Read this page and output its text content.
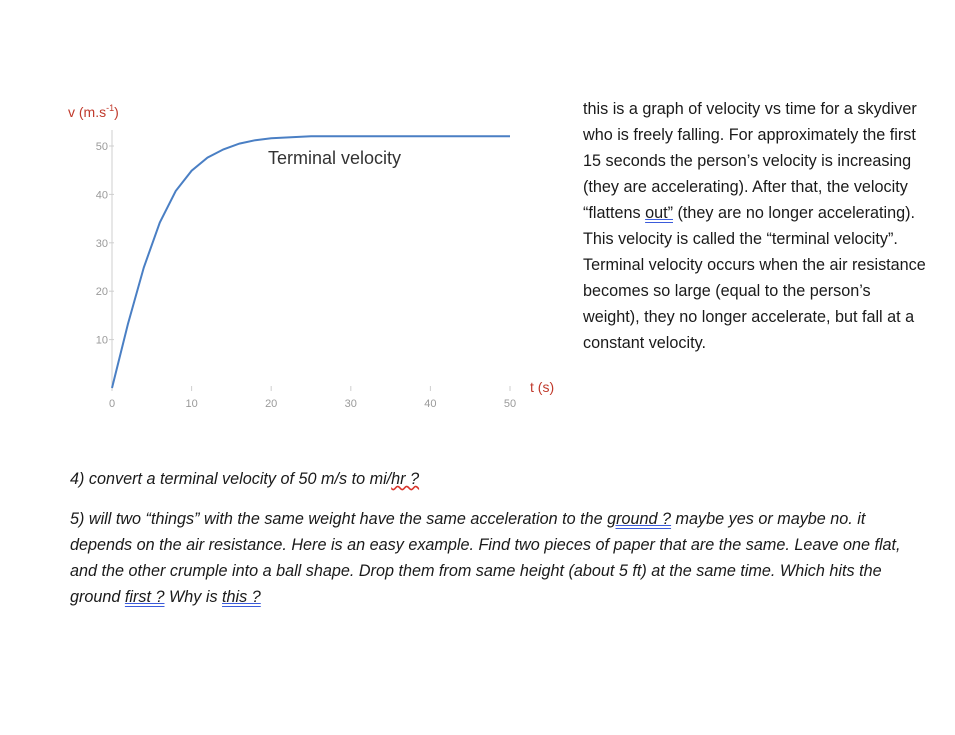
v $(m.s^{-1})$
10
20
30
40
50
0	10	20	30	40	50
Terminal velocity
t (s)

this is a graph of velocity vs time for a skydiver who is freely falling. For approximately the first 15 seconds the person’s velocity is increasing (they are accelerating). After that, the velocity “flattens out” (they are no longer accelerating). This velocity is called the “terminal velocity”. Terminal velocity occurs when the air resistance becomes so large (equal to the person’s weight), they no longer accelerate, but fall at a constant velocity.

4) convert a terminal velocity of 50 m/s to mi/hr ?

5) will two “things” with the same weight have the same acceleration to the ground ? maybe yes or maybe no. it depends on the air resistance. Here is an easy example. Find two pieces of paper that are the same. Leave one flat, and the other crumple into a ball shape. Drop them from same height (about 5 ft) at the same time. Which hits the ground first ? Why is this ?
